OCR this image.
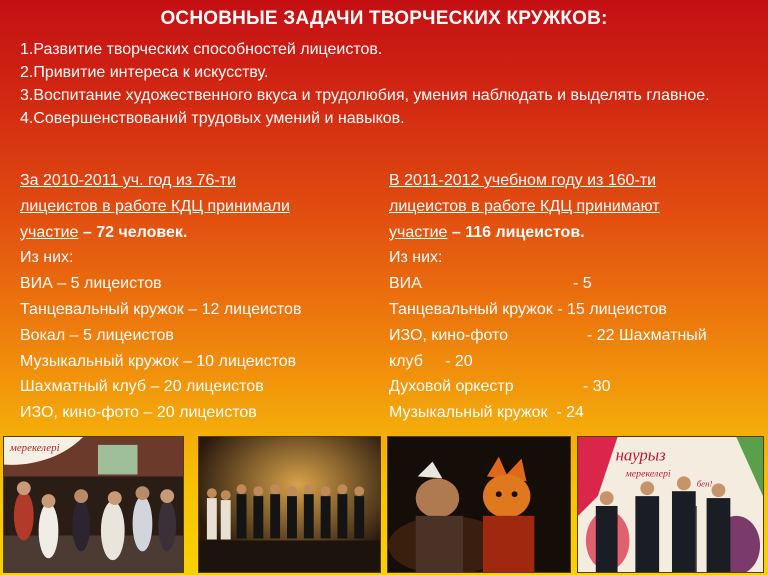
ОСНОВНЫЕ ЗАДАЧИ ТВОРЧЕСКИХ КРУЖКОВ:

1.Развитие творческих способностей лицеистов.

2.Привитие интереса к искусству.

3.Воспитание художественного вкуса и трудолюбия, умения наблюдать и выделять главное.

4.Совершенствований трудовых умений и навыков.

За 2010-2011 уч. год из 76-ти

лицеистов в работе КДЦ принимали

участие – 72 человек.

Из них:

ВИА – 5 лицеистов

Танцевальный кружок – 12 лицеистов

Вокал – 5 лицеистов

Музыкальный кружок – 10 лицеистов

Шахматный клуб – 20 лицеистов

ИЗО, кино-фото – 20 лицеистов

В 2011-2012 учебном году из 160-ти

лицеистов в работе КДЦ принимают

участие – 116 лицеистов.

Из них:

ВИА	- 5

Танцевальный кружок - 15 лицеистов

ИЗО, кино-фото	- 22 Шахматный

клуб     - 20

Духовой оркестр	- 30

Музыкальный кружок  - 24

мерекелері	наурыз
мерекелері
бен!
